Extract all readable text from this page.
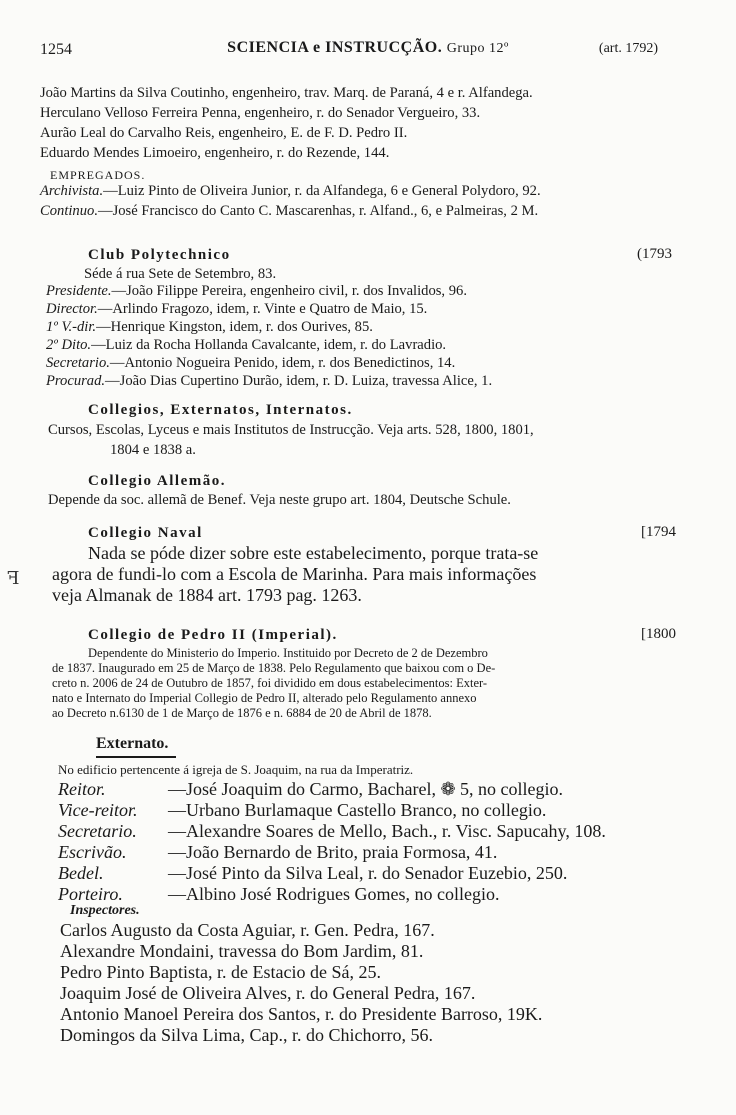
1254	SCIENCIA e INSTRUCÇÃO. Grupo 12º	(art. 1792)
João Martins da Silva Coutinho, engenheiro, trav. Marq. de Paraná, 4 e r. Alfandega.
Herculano Velloso Ferreira Penna, engenheiro, r. do Senador Vergueiro, 33.
Aurão Leal do Carvalho Reis, engenheiro, E. de F. D. Pedro II.
Eduardo Mendes Limoeiro, engenheiro, r. do Rezende, 144.
EMPREGADOS.
Archivista.—Luiz Pinto de Oliveira Junior, r. da Alfandega, 6 e General Polydoro, 92.
Continuo.—José Francisco do Canto C. Mascarenhas, r. Alfand., 6, e Palmeiras, 2 M.
Club Polytechnico	(1793
Séde á rua Sete de Setembro, 83.
Presidente.—João Filippe Pereira, engenheiro civil, r. dos Invalidos, 96.
Director.—Arlindo Fragozo, idem, r. Vinte e Quatro de Maio, 15.
1º V.-dir.—Henrique Kingston, idem, r. dos Ourives, 85.
2º Dito.—Luiz da Rocha Hollanda Cavalcante, idem, r. do Lavradio.
Secretario.—Antonio Nogueira Penido, idem, r. dos Benedictinos, 14.
Procurad.—João Dias Cupertino Durão, idem, r. D. Luiza, travessa Alice, 1.
Collegios, Externatos, Internatos.
Cursos, Escolas, Lyceus e mais Institutos de Instrucção. Veja arts. 528, 1800, 1801,
1804 e 1838 a.
Collegio Allemão.
Depende da soc. allemã de Benef. Veja neste grupo art. 1804, Deutsche Schule.
Collegio Naval	[1794
Nada se póde dizer sobre este estabelecimento, porque trata-se
agora de fundi-lo com a Escola de Marinha. Para mais informações
veja Almanak de 1884 art. 1793 pag. 1263.
ꟻ
Collegio de Pedro II (Imperial).	[1800
Dependente do Ministerio do Imperio. Instituido por Decreto de 2 de Dezembro
de 1837. Inaugurado em 25 de Março de 1838. Pelo Regulamento que baixou com o De-
creto n. 2006 de 24 de Outubro de 1857, foi dividido em dous estabelecimentos: Exter-
nato e Internato do Imperial Collegio de Pedro II, alterado pelo Regulamento annexo
ao Decreto n.6130 de 1 de Março de 1876 e n. 6884 de 20 de Abril de 1878.
Externato.
No edificio pertencente á igreja de S. Joaquim, na rua da Imperatriz.
Reitor.	—José Joaquim do Carmo, Bacharel, ❁ 5, no collegio.
Vice-reitor.	—Urbano Burlamaque Castello Branco, no collegio.
Secretario.	—Alexandre Soares de Mello, Bach., r. Visc. Sapucahy, 108.
Escrivão.	—João Bernardo de Brito, praia Formosa, 41.
Bedel.	—José Pinto da Silva Leal, r. do Senador Euzebio, 250.
Porteiro.	—Albino José Rodrigues Gomes, no collegio.
Inspectores.
Carlos Augusto da Costa Aguiar, r. Gen. Pedra, 167.
Alexandre Mondaini, travessa do Bom Jardim, 81.
Pedro Pinto Baptista, r. de Estacio de Sá, 25.
Joaquim José de Oliveira Alves, r. do General Pedra, 167.
Antonio Manoel Pereira dos Santos, r. do Presidente Barroso, 19K.
Domingos da Silva Lima, Cap., r. do Chichorro, 56.
